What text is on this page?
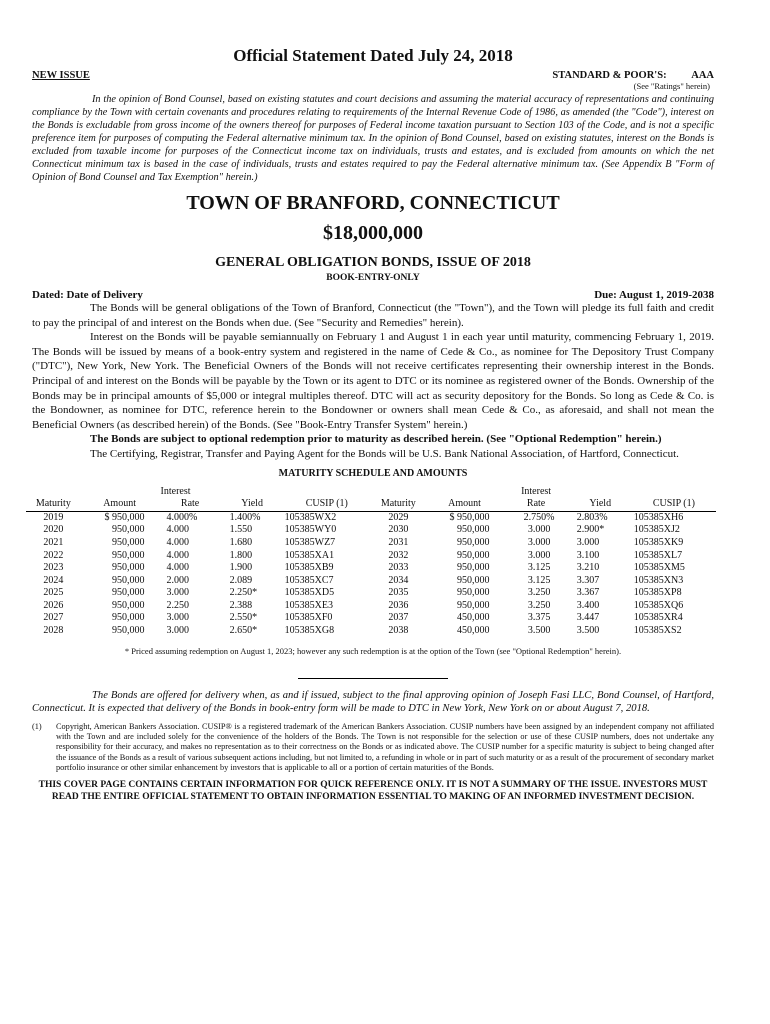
Official Statement Dated July 24, 2018
NEW ISSUE	STANDARD & POOR'S: AAA
(See "Ratings" herein)

In the opinion of Bond Counsel, based on existing statutes and court decisions and assuming the material accuracy of representations and continuing compliance by the Town with certain covenants and procedures relating to requirements of the Internal Revenue Code of 1986, as amended (the "Code"), interest on the Bonds is excludable from gross income of the owners thereof for purposes of Federal income taxation pursuant to Section 103 of the Code, and is not a specific preference item for purposes of computing the Federal alternative minimum tax. In the opinion of Bond Counsel, based on existing statutes, interest on the Bonds is excluded from taxable income for purposes of the Connecticut income tax on individuals, trusts and estates, and is excluded from amounts on which the net Connecticut minimum tax is based in the case of individuals, trusts and estates required to pay the Federal alternative minimum tax. (See Appendix B "Form of Opinion of Bond Counsel and Tax Exemption" herein.)

TOWN OF BRANFORD, CONNECTICUT
$18,000,000
GENERAL OBLIGATION BONDS, ISSUE OF 2018
BOOK-ENTRY-ONLY
Dated: Date of Delivery	Due: August 1, 2019-2038

The Bonds will be general obligations of the Town of Branford, Connecticut (the "Town"), and the Town will pledge its full faith and credit to pay the principal of and interest on the Bonds when due. (See "Security and Remedies" herein).

Interest on the Bonds will be payable semiannually on February 1 and August 1 in each year until maturity, commencing February 1, 2019. The Bonds will be issued by means of a book-entry system and registered in the name of Cede & Co., as nominee for The Depository Trust Company ("DTC"), New York, New York. The Beneficial Owners of the Bonds will not receive certificates representing their ownership interest in the Bonds. Principal of and interest on the Bonds will be payable by the Town or its agent to DTC or its nominee as registered owner of the Bonds. Ownership of the Bonds may be in principal amounts of $5,000 or integral multiples thereof. DTC will act as security depository for the Bonds. So long as Cede & Co. is the Bondowner, as nominee for DTC, reference herein to the Bondowner or owners shall mean Cede & Co., as aforesaid, and shall not mean the Beneficial Owners (as described herein) of the Bonds. (See "Book-Entry Transfer System" herein.)

The Bonds are subject to optional redemption prior to maturity as described herein. (See "Optional Redemption" herein.)

The Certifying, Registrar, Transfer and Paying Agent for the Bonds will be U.S. Bank National Association, of Hartford, Connecticut.

MATURITY SCHEDULE AND AMOUNTS
		Interest					Interest		
Maturity	Amount	Rate	Yield	CUSIP (1)	Maturity	Amount	Rate	Yield	CUSIP (1)
2019	$ 950,000	4.000%	1.400%	105385WX2	2029	$ 950,000	2.750%	2.803%	105385XH6
2020	950,000	4.000	1.550	105385WY0	2030	950,000	3.000	2.900*	105385XJ2
2021	950,000	4.000	1.680	105385WZ7	2031	950,000	3.000	3.000	105385XK9
2022	950,000	4.000	1.800	105385XA1	2032	950,000	3.000	3.100	105385XL7
2023	950,000	4.000	1.900	105385XB9	2033	950,000	3.125	3.210	105385XM5
2024	950,000	2.000	2.089	105385XC7	2034	950,000	3.125	3.307	105385XN3
2025	950,000	3.000	2.250*	105385XD5	2035	950,000	3.250	3.367	105385XP8
2026	950,000	2.250	2.388	105385XE3	2036	950,000	3.250	3.400	105385XQ6
2027	950,000	3.000	2.550*	105385XF0	2037	450,000	3.375	3.447	105385XR4
2028	950,000	3.000	2.650*	105385XG8	2038	450,000	3.500	3.500	105385XS2
* Priced assuming redemption on August 1, 2023; however any such redemption is at the option of the Town (see "Optional Redemption" herein).

The Bonds are offered for delivery when, as and if issued, subject to the final approving opinion of Joseph Fasi LLC, Bond Counsel, of Hartford, Connecticut. It is expected that delivery of the Bonds in book-entry form will be made to DTC in New York, New York on or about August 7, 2018.

(1)	Copyright, American Bankers Association. CUSIP® is a registered trademark of the American Bankers Association. CUSIP numbers have been assigned by an independent company not affiliated with the Town and are included solely for the convenience of the holders of the Bonds. The Town is not responsible for the selection or use of these CUSIP numbers, does not undertake any responsibility for their accuracy, and makes no representation as to their correctness on the Bonds or as indicated above. The CUSIP number for a specific maturity is subject to being changed after the issuance of the Bonds as a result of various subsequent actions including, but not limited to, a refunding in whole or in part of such maturity or as a result of the procurement of secondary market portfolio insurance or other similar enhancement by investors that is applicable to all or a portion of certain maturities of the Bonds.
THIS COVER PAGE CONTAINS CERTAIN INFORMATION FOR QUICK REFERENCE ONLY. IT IS NOT A SUMMARY OF THE ISSUE. INVESTORS MUST READ THE ENTIRE OFFICIAL STATEMENT TO OBTAIN INFORMATION ESSENTIAL TO MAKING OF AN INFORMED INVESTMENT DECISION.
